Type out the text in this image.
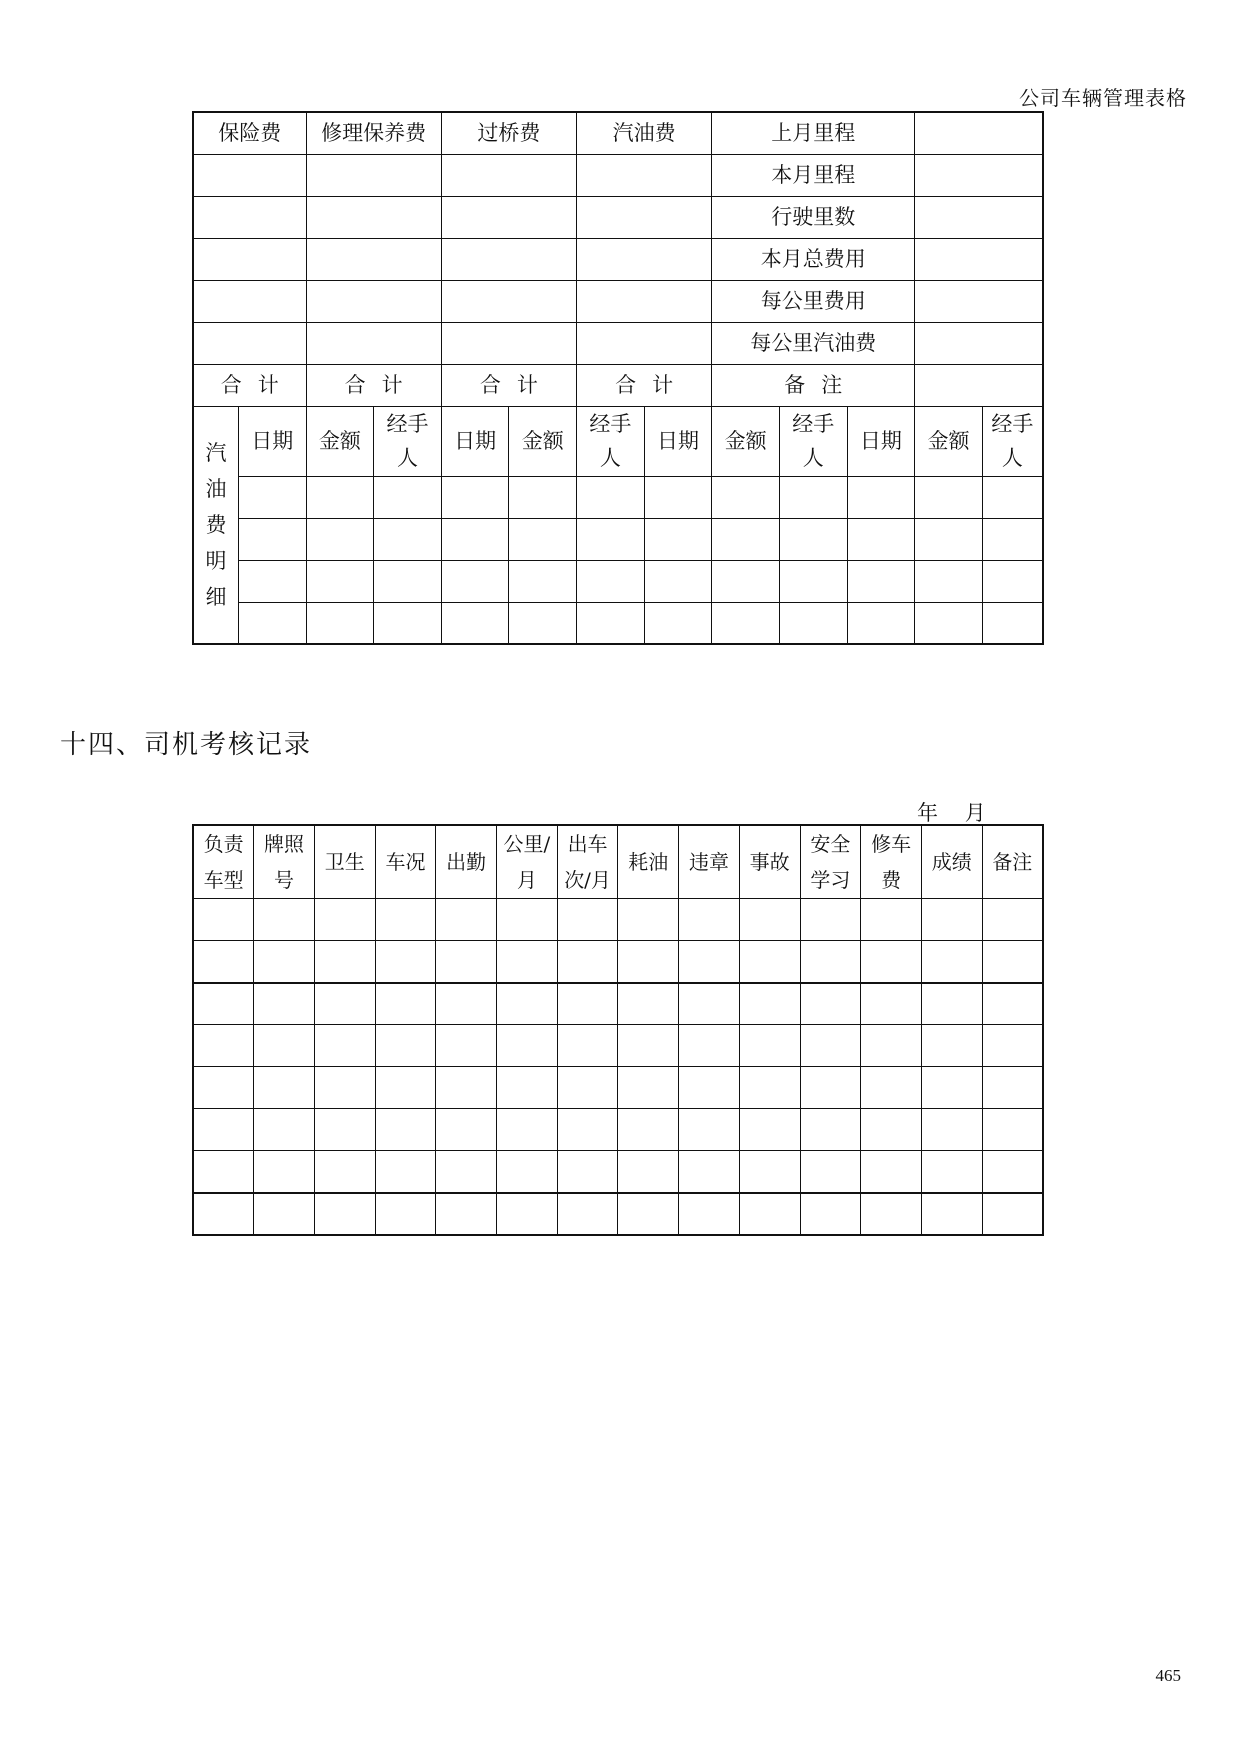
公司车辆管理表格
保险费		修理保养费		过桥费		汽油费		上月里程				
								本月里程				
								行驶里数				
								本月总费用				
								每公里费用				
								每公里汽油费				
合计		合计		合计		合计		备注				
汽油费明细	日期	金额	经手人	日期	金额	经手人	日期	金额	经手人	日期	金额	经手人

十四、司机考核记录
年    月
负责车型	牌照号	卫生	车况	出勤	公里/月	出车次/月	耗油	违章	事故	安全学习	修车费	成绩	备注

465
